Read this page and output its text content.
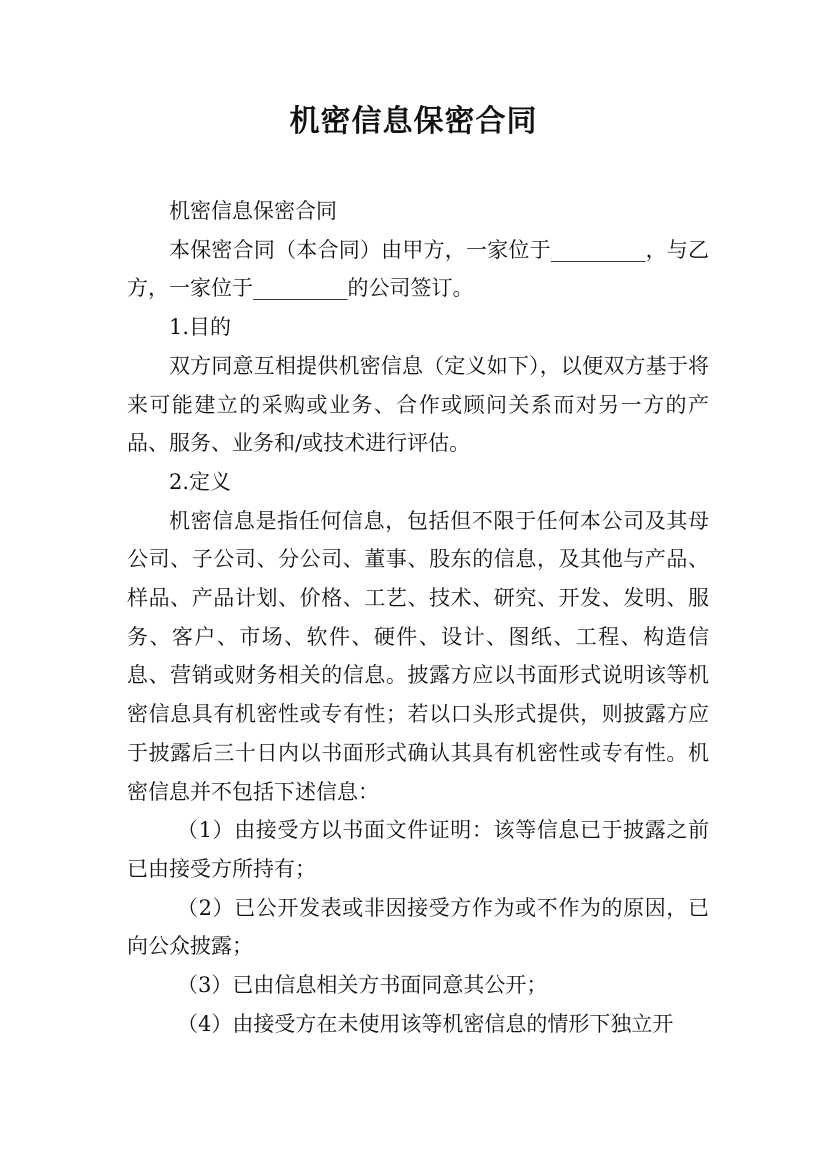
机密信息保密合同

机密信息保密合同

本保密合同（本合同）由甲方，一家位于_________，与乙方，一家位于_________的公司签订。

1.目的

双方同意互相提供机密信息（定义如下），以便双方基于将来可能建立的采购或业务、合作或顾问关系而对另一方的产品、服务、业务和/或技术进行评估。

2.定义

机密信息是指任何信息，包括但不限于任何本公司及其母公司、子公司、分公司、董事、股东的信息，及其他与产品、样品、产品计划、价格、工艺、技术、研究、开发、发明、服务、客户、市场、软件、硬件、设计、图纸、工程、构造信息、营销或财务相关的信息。披露方应以书面形式说明该等机密信息具有机密性或专有性；若以口头形式提供，则披露方应于披露后三十日内以书面形式确认其具有机密性或专有性。机密信息并不包括下述信息：

（1）由接受方以书面文件证明：该等信息已于披露之前已由接受方所持有；

（2）已公开发表或非因接受方作为或不作为的原因，已向公众披露；

（3）已由信息相关方书面同意其公开；

（4）由接受方在未使用该等机密信息的情形下独立开
